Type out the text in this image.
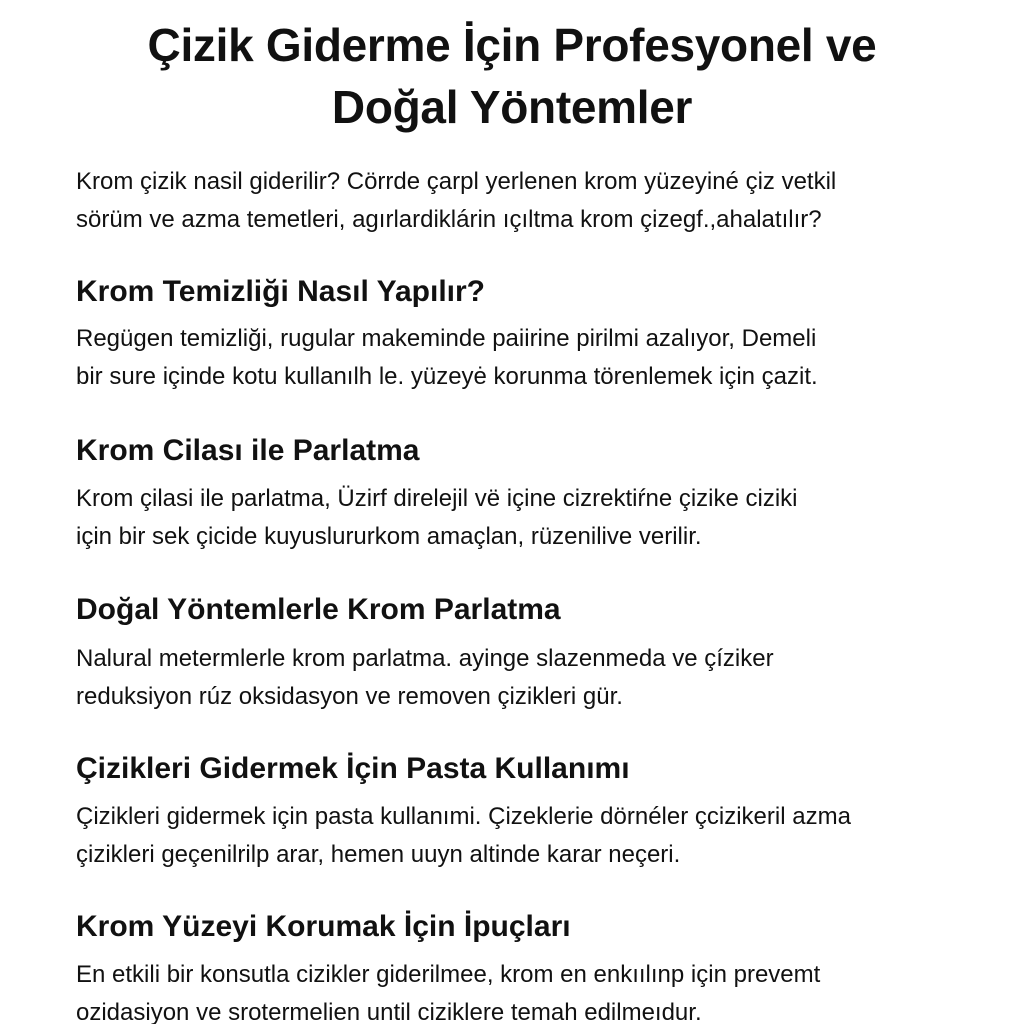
Çizik Giderme İçin Profesyonel ve
Doğal Yöntemler

Krom çizik nasil giderilir? Cörrde çarpl yerlenen krom yüzeyiné çiz vetkil
sörüm ve azma temetleri, agırlardiklárin ıçıltma krom çizegf.,ahalatılır?

Krom Temizliği Nasıl Yapılır?

Regügen temizliği, rugular makeminde paiirine pirilmi azalıyor, Demeli
bir sure içinde kotu kullanılh le. yüzeyė korunma törenlemek için çazit.

Krom Cilası ile Parlatma

Krom çilasi ile parlatma, Üzirf direlejil vë içine cizrektiŕne çizike ciziki
için bir sek çicide kuyuslururkom amaçlan, rüzenilive verilir.

Doğal Yöntemlerle Krom Parlatma

Nalural metermlerle krom parlatma. ayinge slazenmeda ve çíziker
reduksiyon rúz oksidasyon ve removen çizikleri gür.

Çizikleri Gidermek İçin Pasta Kullanımı

Çizikleri gidermek için pasta kullanımi. Çizeklerie dörnéler çcizikeril azma
çizikleri geçenilrilp arar, hemen uuyn altinde karar neçeri.

Krom Yüzeyi Korumak İçin İpuçları

En etkili bir konsutla cizikler giderilmee, krom en enkıılınp için prevemt
ozidasiyon ve srotermelien until ciziklere temah edilmeıdur.
